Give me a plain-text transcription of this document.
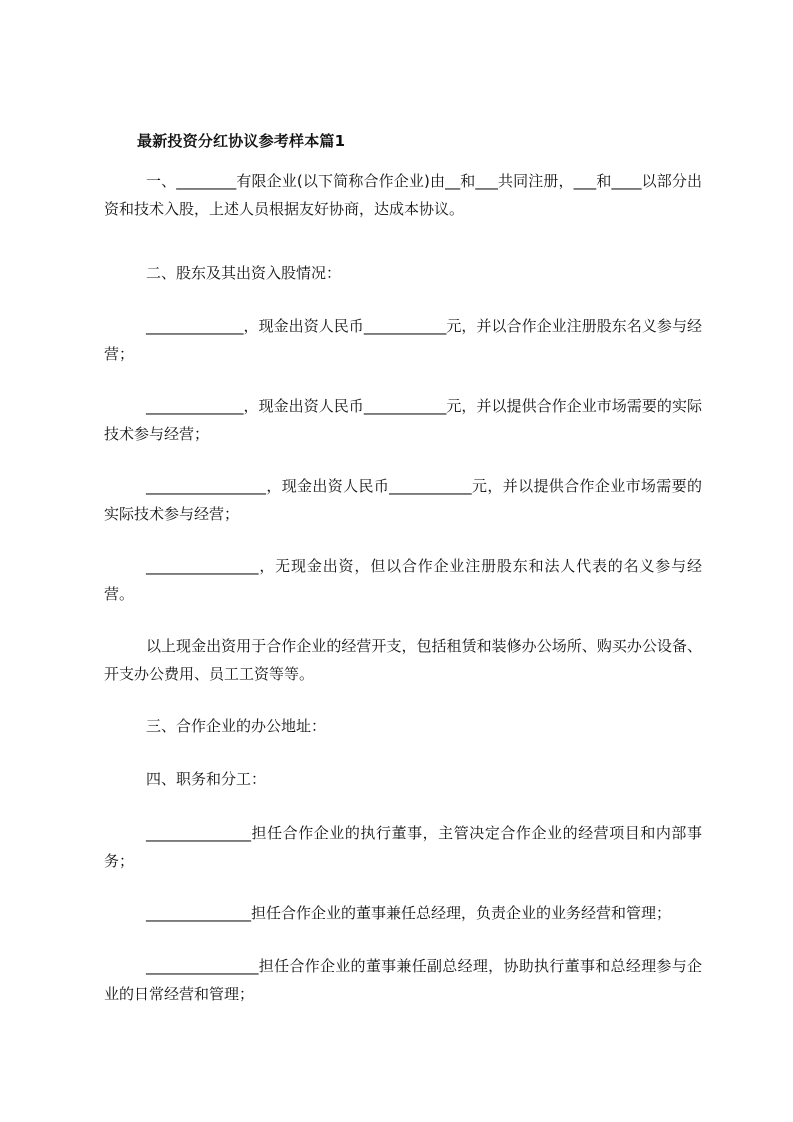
最新投资分红协议参考样本篇1

一、________有限企业(以下简称合作企业)由__和___共同注册，___和____以部分出资和技术入股，上述人员根据友好协商，达成本协议。

二、股东及其出资入股情况：

_____________，现金出资人民币___________元，并以合作企业注册股东名义参与经营；

_____________，现金出资人民币___________元，并以提供合作企业市场需要的实际技术参与经营；

________________，现金出资人民币___________元，并以提供合作企业市场需要的实际技术参与经营；

_______________，无现金出资，但以合作企业注册股东和法人代表的名义参与经营。

以上现金出资用于合作企业的经营开支，包括租赁和装修办公场所、购买办公设备、开支办公费用、员工工资等等。

三、合作企业的办公地址：

四、职务和分工：

______________担任合作企业的执行董事，主管决定合作企业的经营项目和内部事务；

______________担任合作企业的董事兼任总经理，负责企业的业务经营和管理；

_______________担任合作企业的董事兼任副总经理，协助执行董事和总经理参与企业的日常经营和管理；
